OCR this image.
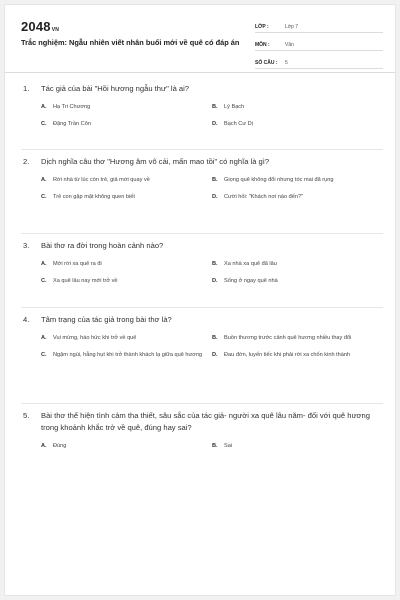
2048VN
Trắc nghiệm: Ngẫu nhiên viết nhân buổi mới về quê có đáp án
LỚP :	Lớp 7
MÔN :	Văn
SỐ CÂU :	5
1.	Tác giả của bài "Hồi hương ngẫu thư" là ai?
A.	Hạ Tri Chương	B.	Lý Bạch
C.	Đặng Trần Côn	D.	Bạch Cư Dị
2.	Dịch nghĩa câu thơ "Hương âm vô cải, mấn mao tồi" có nghĩa là gì?
A.	Rời nhà từ lúc còn trẻ, giả mới quay về	B.	Giọng quê không đổi nhưng tóc mai đã rụng
C.	Trẻ con gặp mặt không quen biết	D.	Cười hỏi: "Khách nơi nào đến?"
3.	Bài thơ ra đời trong hoàn cảnh nào?
A.	Mới rời xa quê ra đi	B.	Xa nhà xa quê đã lâu
C.	Xa quê lâu nay mới trở về	D.	Sống ở ngay quê nhà
4.	Tâm trạng của tác giả trong bài thơ là?
A.	Vui mừng, háo hức khi trở về quê	B.	Buồn thương trước cảnh quê hương nhiều thay đổi
C.	Ngậm ngùi, hẫng hụt khi trở thành khách lạ giữa quê hương	D.	Đau đớn, luyến tiếc khi phải rời xa chốn kinh thành
5.	Bài thơ thể hiện tình cảm tha thiết, sâu sắc của tác giả- người xa quê lâu năm- đối với quê hương trong khoảnh khắc trở về quê, đúng hay sai?
A.	Đúng	B.	Sai
